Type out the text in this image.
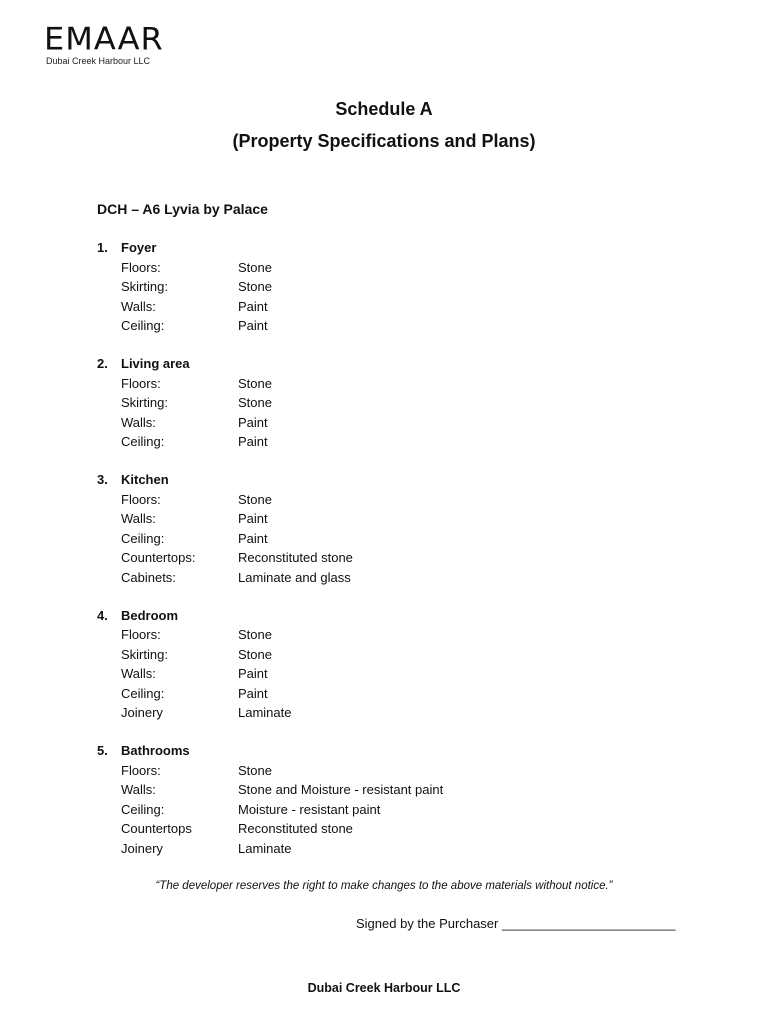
EMAAR
Dubai Creek Harbour LLC
Schedule A
(Property Specifications and Plans)
DCH – A6 Lyvia by Palace
1.	Foyer
Floors:	Stone
Skirting:	Stone
Walls:	Paint
Ceiling:	Paint
2.	Living area
Floors:	Stone
Skirting:	Stone
Walls:	Paint
Ceiling:	Paint
3.	Kitchen
Floors:	Stone
Walls:	Paint
Ceiling:	Paint
Countertops:	Reconstituted stone
Cabinets:	Laminate and glass
4.	Bedroom
Floors:	Stone
Skirting:	Stone
Walls:	Paint
Ceiling:	Paint
Joinery	Laminate
5.	Bathrooms
Floors:	Stone
Walls:	Stone and Moisture - resistant paint
Ceiling:	Moisture - resistant paint
Countertops	Reconstituted stone
Joinery	Laminate
“The developer reserves the right to make changes to the above materials without notice.”
Signed by the Purchaser ________________________
Dubai Creek Harbour LLC
